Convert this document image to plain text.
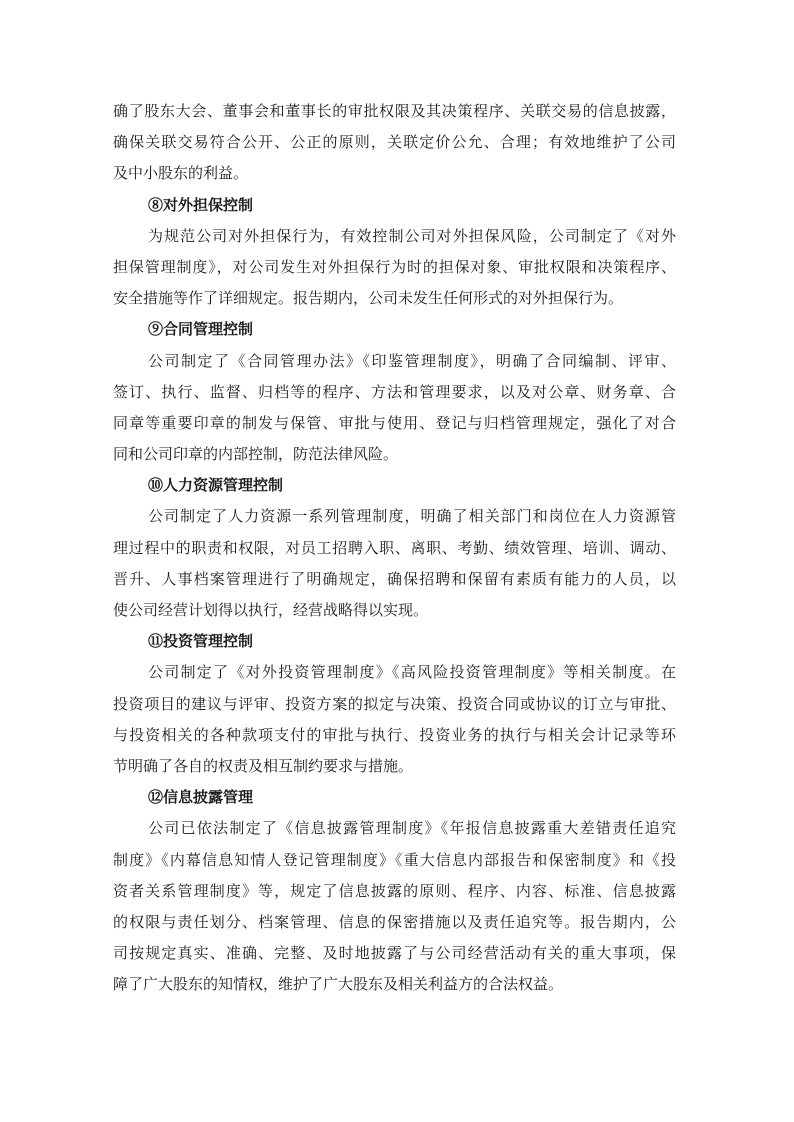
确了股东大会、董事会和董事长的审批权限及其决策程序、关联交易的信息披露，
确保关联交易符合公开、公正的原则，关联定价公允、合理；有效地维护了公司
及中小股东的利益。
⑧对外担保控制
为规范公司对外担保行为，有效控制公司对外担保风险，公司制定了《对外
担保管理制度》，对公司发生对外担保行为时的担保对象、审批权限和决策程序、
安全措施等作了详细规定。报告期内，公司未发生任何形式的对外担保行为。
⑨合同管理控制
公司制定了《合同管理办法》《印鉴管理制度》，明确了合同编制、评审、
签订、执行、监督、归档等的程序、方法和管理要求，以及对公章、财务章、合
同章等重要印章的制发与保管、审批与使用、登记与归档管理规定，强化了对合
同和公司印章的内部控制，防范法律风险。
⑩人力资源管理控制
公司制定了人力资源一系列管理制度，明确了相关部门和岗位在人力资源管
理过程中的职责和权限，对员工招聘入职、离职、考勤、绩效管理、培训、调动、
晋升、人事档案管理进行了明确规定，确保招聘和保留有素质有能力的人员，以
使公司经营计划得以执行，经营战略得以实现。
⑪投资管理控制
公司制定了《对外投资管理制度》《高风险投资管理制度》等相关制度。在
投资项目的建议与评审、投资方案的拟定与决策、投资合同或协议的订立与审批、
与投资相关的各种款项支付的审批与执行、投资业务的执行与相关会计记录等环
节明确了各自的权责及相互制约要求与措施。
⑫信息披露管理
公司已依法制定了《信息披露管理制度》《年报信息披露重大差错责任追究
制度》《内幕信息知情人登记管理制度》《重大信息内部报告和保密制度》和《投
资者关系管理制度》等，规定了信息披露的原则、程序、内容、标准、信息披露
的权限与责任划分、档案管理、信息的保密措施以及责任追究等。报告期内，公
司按规定真实、准确、完整、及时地披露了与公司经营活动有关的重大事项，保
障了广大股东的知情权，维护了广大股东及相关利益方的合法权益。
